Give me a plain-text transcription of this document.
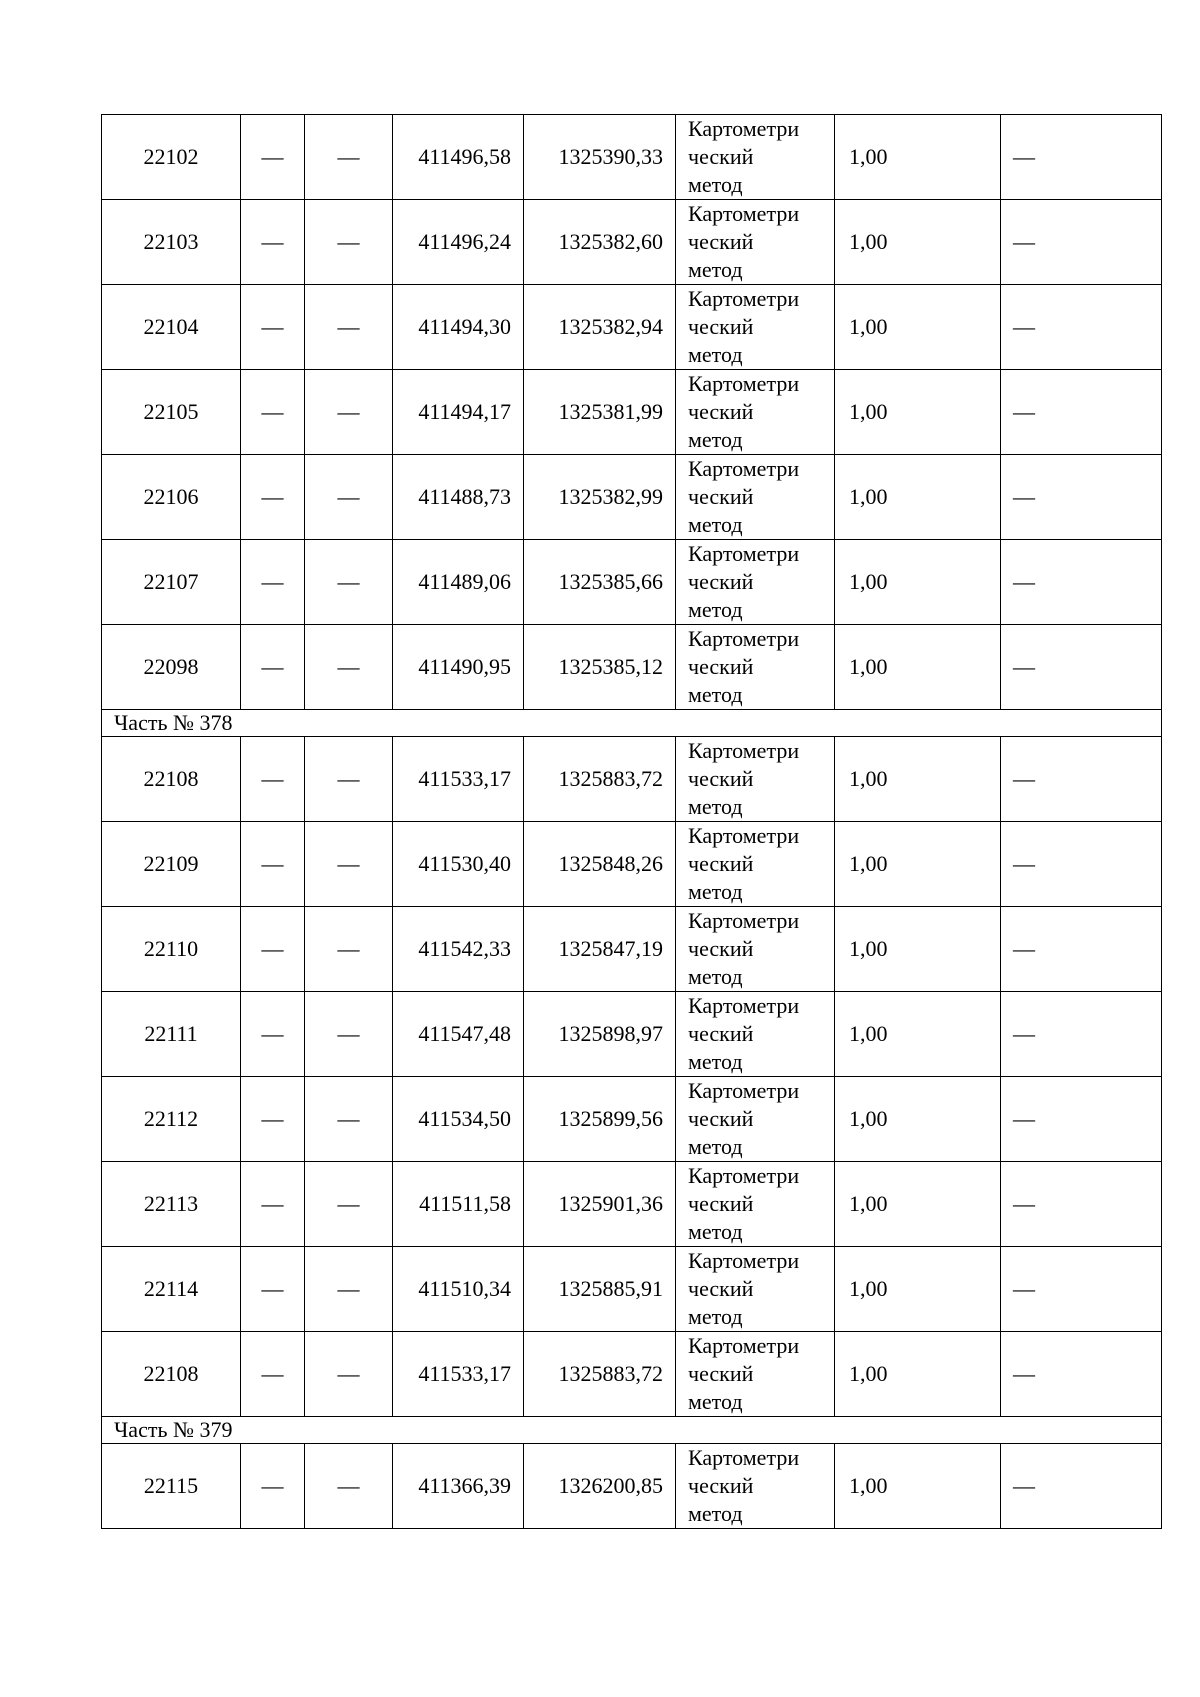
22102	—	—	411496,58	1325390,33	Картометри
ческий
метод	1,00	—
22103	—	—	411496,24	1325382,60	Картометри
ческий
метод	1,00	—
22104	—	—	411494,30	1325382,94	Картометри
ческий
метод	1,00	—
22105	—	—	411494,17	1325381,99	Картометри
ческий
метод	1,00	—
22106	—	—	411488,73	1325382,99	Картометри
ческий
метод	1,00	—
22107	—	—	411489,06	1325385,66	Картометри
ческий
метод	1,00	—
22098	—	—	411490,95	1325385,12	Картометри
ческий
метод	1,00	—
Часть № 378							
22108	—	—	411533,17	1325883,72	Картометри
ческий
метод	1,00	—
22109	—	—	411530,40	1325848,26	Картометри
ческий
метод	1,00	—
22110	—	—	411542,33	1325847,19	Картометри
ческий
метод	1,00	—
22111	—	—	411547,48	1325898,97	Картометри
ческий
метод	1,00	—
22112	—	—	411534,50	1325899,56	Картометри
ческий
метод	1,00	—
22113	—	—	411511,58	1325901,36	Картометри
ческий
метод	1,00	—
22114	—	—	411510,34	1325885,91	Картометри
ческий
метод	1,00	—
22108	—	—	411533,17	1325883,72	Картометри
ческий
метод	1,00	—
Часть № 379							
22115	—	—	411366,39	1326200,85	Картометри
ческий
метод	1,00	—
